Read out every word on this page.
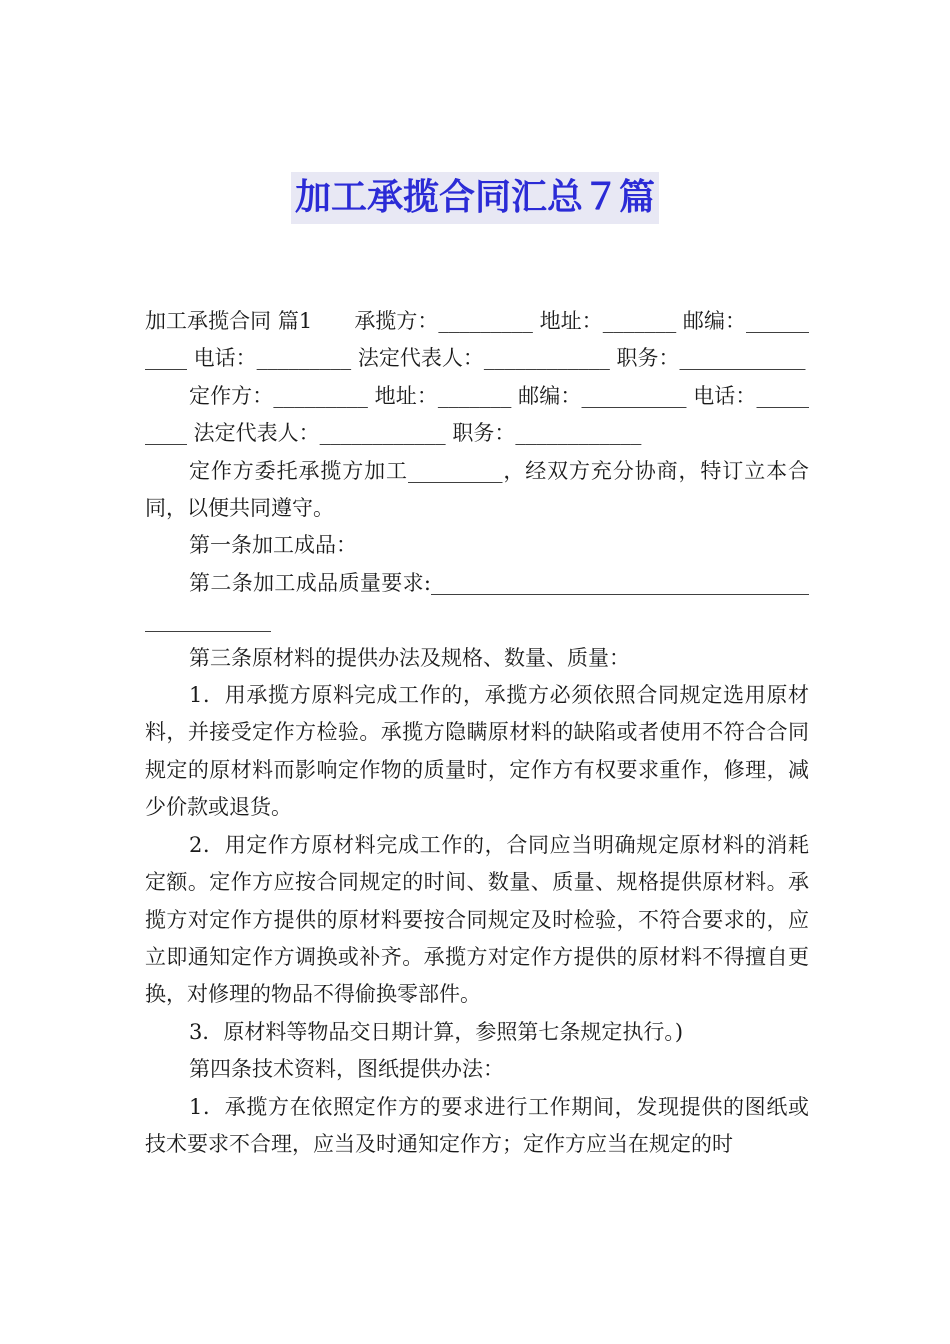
加工承揽合同汇总７篇

加工承揽合同 篇1　　承揽方：_________ 地址：_______ 邮编：__________ 电话：_________ 法定代表人：____________ 职务：____________

定作方：_________ 地址：_______ 邮编：__________ 电话：_________ 法定代表人：____________ 职务：____________

定作方委托承揽方加工_________，经双方充分协商，特订立本合同，以便共同遵守。

第一条加工成品：

第二条加工成品质量要求:________________________________________________

第三条原材料的提供办法及规格、数量、质量：

1．用承揽方原料完成工作的，承揽方必须依照合同规定选用原材料，并接受定作方检验。承揽方隐瞒原材料的缺陷或者使用不符合合同规定的原材料而影响定作物的质量时，定作方有权要求重作，修理，减少价款或退货。

2．用定作方原材料完成工作的，合同应当明确规定原材料的消耗定额。定作方应按合同规定的时间、数量、质量、规格提供原材料。承揽方对定作方提供的原材料要按合同规定及时检验，不符合要求的，应立即通知定作方调换或补齐。承揽方对定作方提供的原材料不得擅自更换，对修理的物品不得偷换零部件。

3．原材料等物品交日期计算，参照第七条规定执行。)

第四条技术资料，图纸提供办法：

1．承揽方在依照定作方的要求进行工作期间，发现提供的图纸或技术要求不合理，应当及时通知定作方；定作方应当在规定的时
